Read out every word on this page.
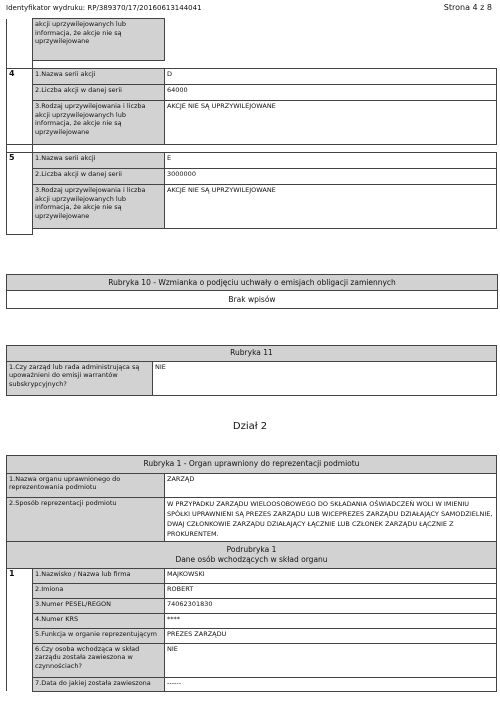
Identyfikator wydruku: RP/389370/17/20160613144041	Strona 4 z 8
	akcji uprzywilejowanych lub informacja, że akcje nie są uprzywilejowane	

4	1.Nazwa serii akcji	D
	2.Liczba akcji w danej serii	64000
	3.Rodzaj uprzywilejowania i liczba akcji uprzywilejowanych lub informacja, że akcje nie są uprzywilejowane	AKCJE NIE SĄ UPRZYWILEJOWANE

5	1.Nazwa serii akcji	E
	2.Liczba akcji w danej serii	3000000
	3.Rodzaj uprzywilejowania i liczba akcji uprzywilejowanych lub informacja, że akcje nie są uprzywilejowane	AKCJE NIE SĄ UPRZYWILEJOWANE

Rubryka 10 - Wzmianka o podjęciu uchwały o emisjach obligacji zamiennych
Brak wpisów
Rubryka 11
1.Czy zarząd lub rada administrująca są upoważnieni do emisji warrantów subskrypcyjnych?	NIE
Dział 2
Rubryka 1 - Organ uprawniony do reprezentacji podmiotu		
1.Nazwa organu uprawnionego do reprezentowania podmiotu		ZARZĄD
2.Sposób reprezentacji podmiotu		W PRZYPADKU ZARZĄDU WIELOOSOBOWEGO DO SKŁADANIA OŚWIADCZEŃ WOLI W IMIENIU SPÓŁKI UPRAWNIENI SĄ PREZES ZARZĄDU LUB WICEPREZES ZARZĄDU DZIAŁAJĄCY SAMODZIELNIE, DWAJ CZŁONKOWIE ZARZĄDU DZIAŁAJĄCY ŁĄCZNIE LUB CZŁONEK ZARZĄDU ŁĄCZNIE Z PROKURENTEM.

Podrubryka 1
Dane osób wchodzących w skład organu		

1	1.Nazwisko / Nazwa lub firma	MAJKOWSKI
	2.Imiona	ROBERT
	3.Numer PESEL/REGON	74062301830
	4.Numer KRS	****
	5.Funkcja w organie reprezentującym	PREZES ZARZĄDU
	6.Czy osoba wchodząca w skład zarządu została zawieszona w czynnościach?	NIE
	7.Data do jakiej została zawieszona	------
